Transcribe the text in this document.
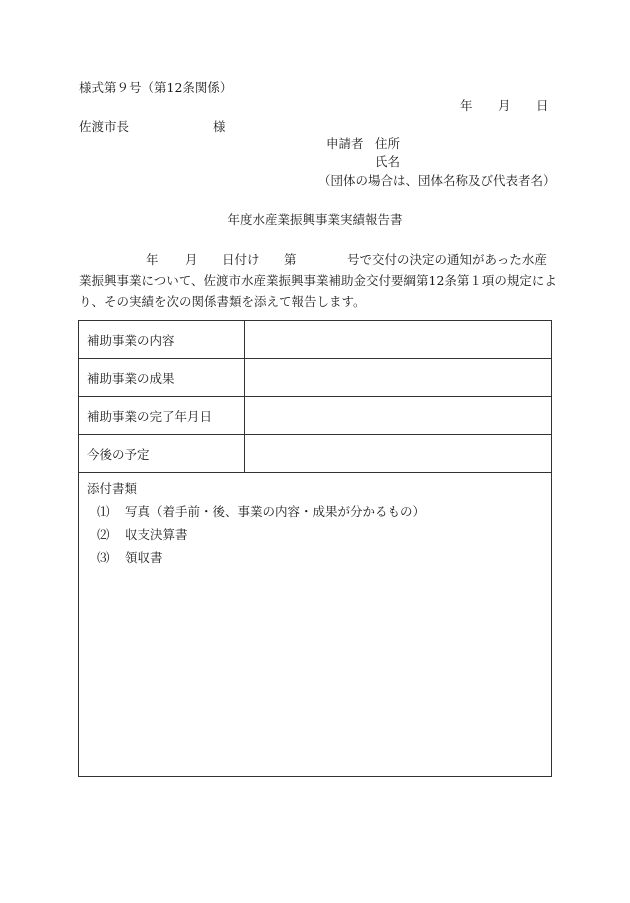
様式第９号（第12条関係）
年 月 日
佐渡市長	様
申請者 住所
氏名
（団体の場合は、団体名称及び代表者名）
年度水産業振興事業実績報告書
年 月 日付け 第	号で交付の決定の通知があった水産
業振興事業について、佐渡市水産業振興事業補助金交付要綱第12条第１項の規定によ
り、その実績を次の関係書類を添えて報告します。
補助事業の内容	
補助事業の成果	
補助事業の完了年月日	
今後の予定	

添付書類
⑴ 写真（着手前・後、事業の内容・成果が分かるもの）
⑵ 収支決算書
⑶ 領収書	
